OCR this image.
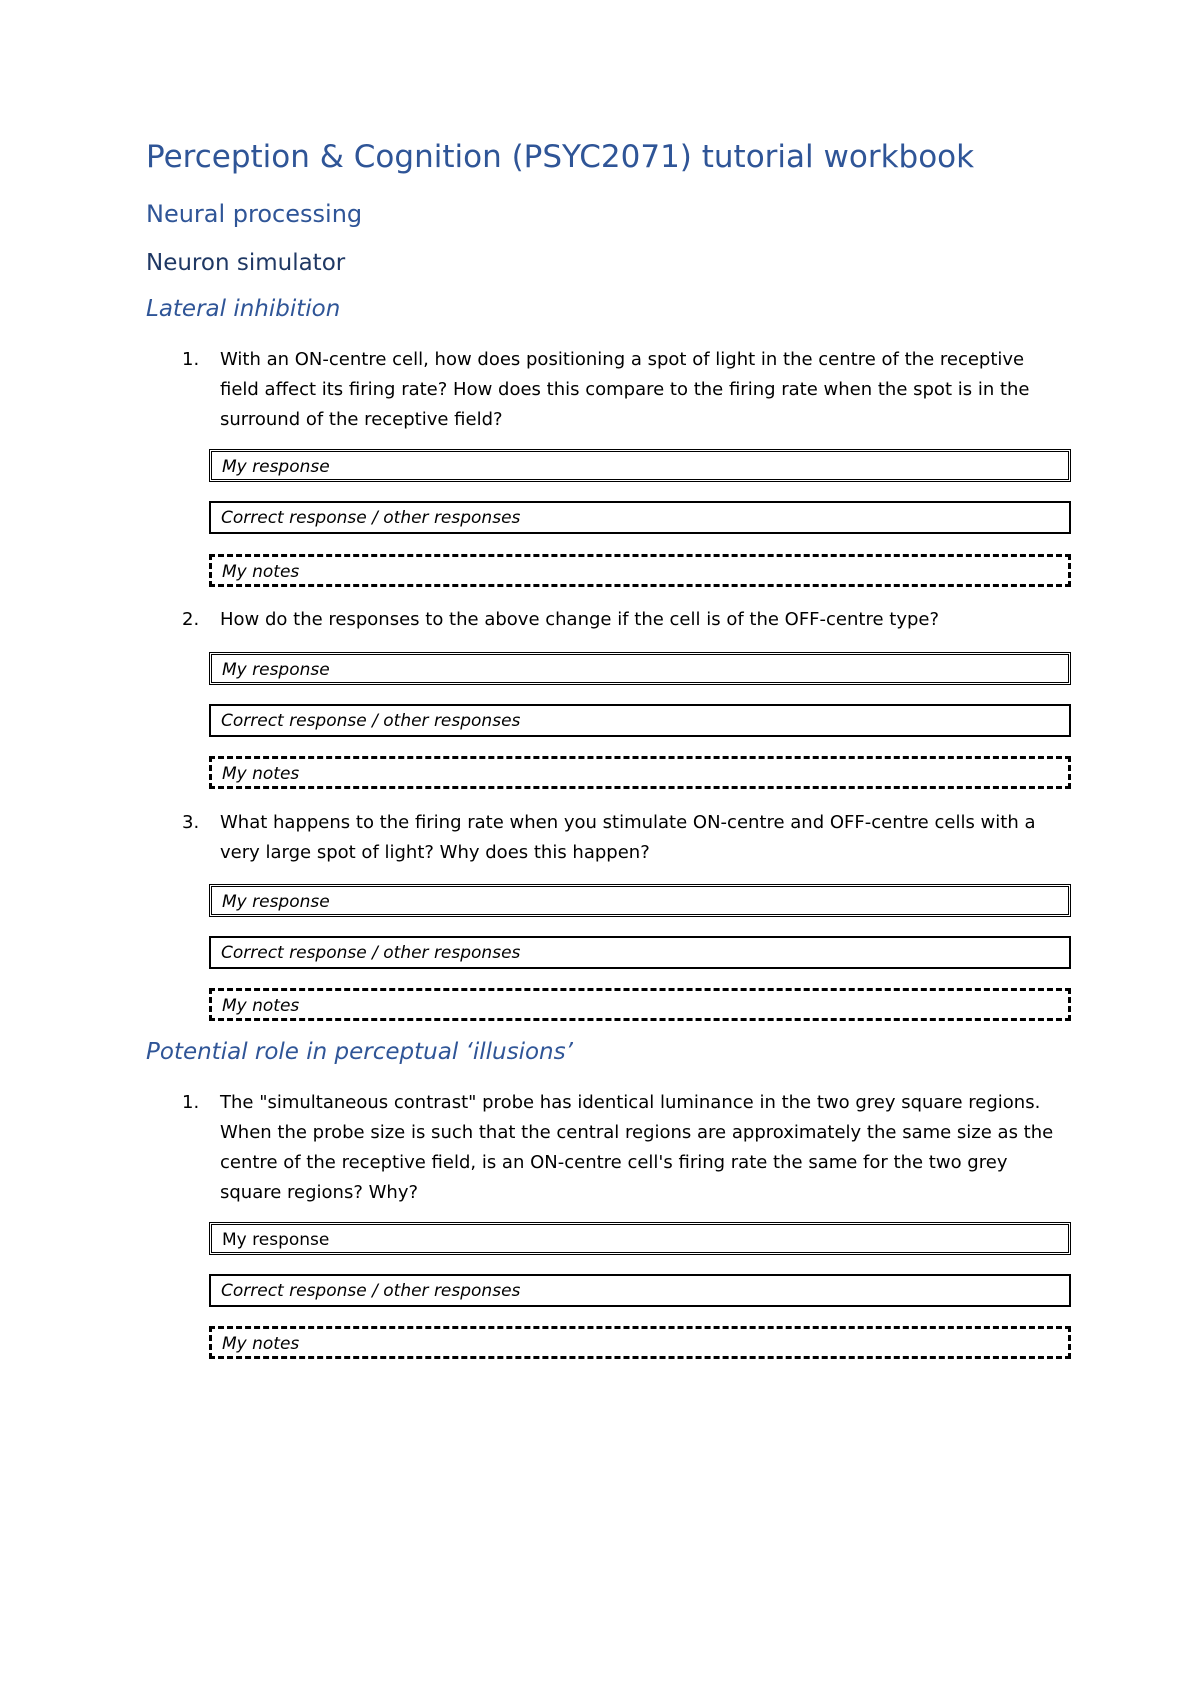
Perception & Cognition (PSYC2071) tutorial workbook
Neural processing
Neuron simulator
Lateral inhibition
1. With an ON-centre cell, how does positioning a spot of light in the centre of the receptive field affect its firing rate? How does this compare to the firing rate when the spot is in the surround of the receptive field?
My response
Correct response / other responses
My notes
2. How do the responses to the above change if the cell is of the OFF-centre type?
My response
Correct response / other responses
My notes
3. What happens to the firing rate when you stimulate ON-centre and OFF-centre cells with a very large spot of light? Why does this happen?
My response
Correct response / other responses
My notes
Potential role in perceptual ‘illusions’
1. The "simultaneous contrast" probe has identical luminance in the two grey square regions. When the probe size is such that the central regions are approximately the same size as the centre of the receptive field, is an ON-centre cell's firing rate the same for the two grey square regions? Why?
My response
Correct response / other responses
My notes
